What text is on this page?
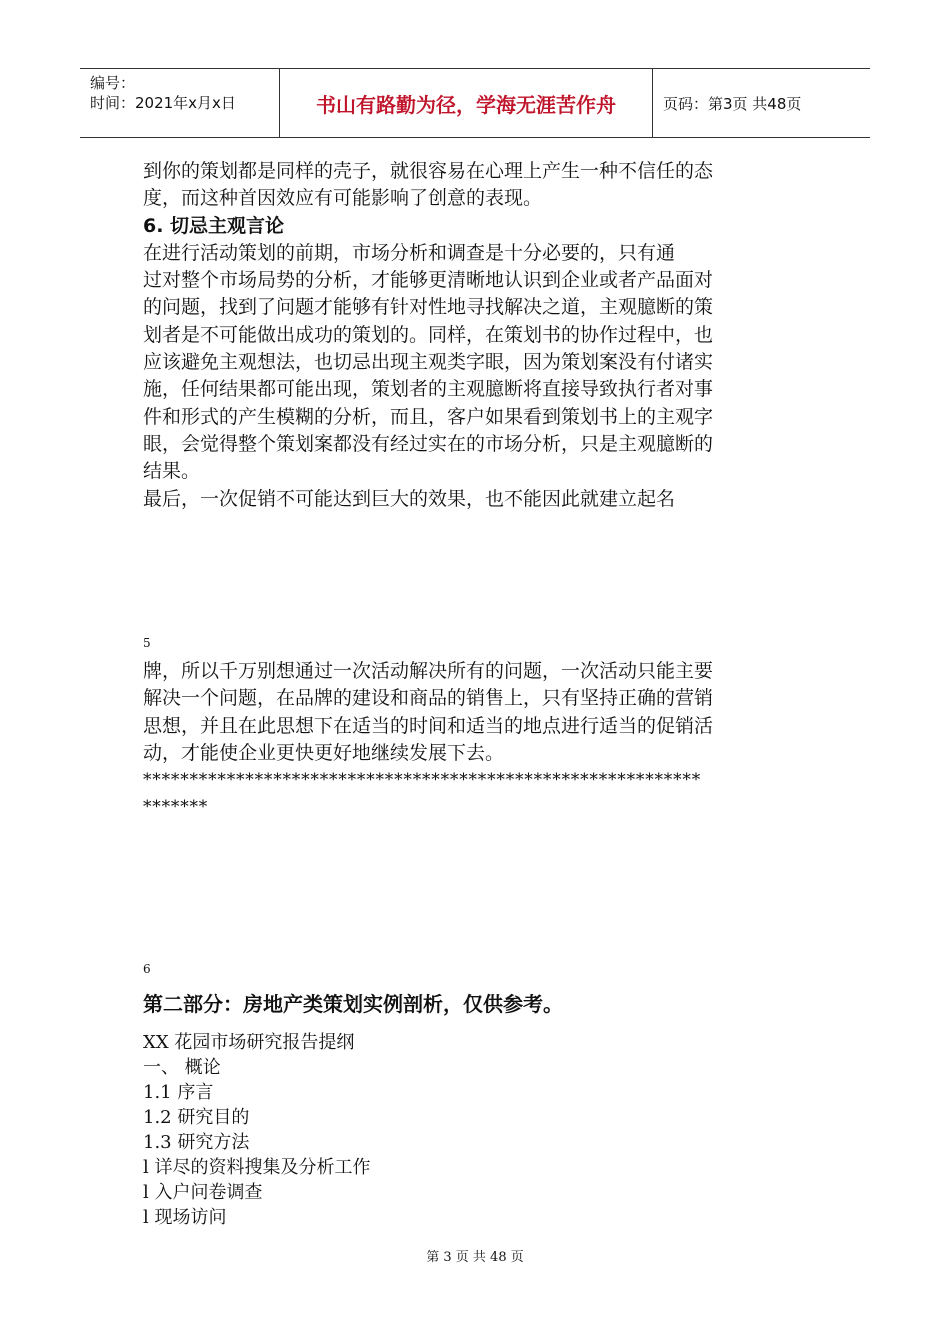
编号：
时间：2021年x月x日	书山有路勤为径，学海无涯苦作舟	页码：第3页 共48页

到你的策划都是同样的壳子，就很容易在心理上产生一种不信任的态

度，而这种首因效应有可能影响了创意的表现。

6. 切忌主观言论

在进行活动策划的前期，市场分析和调查是十分必要的，只有通

过对整个市场局势的分析，才能够更清晰地认识到企业或者产品面对

的问题，找到了问题才能够有针对性地寻找解决之道，主观臆断的策

划者是不可能做出成功的策划的。同样，在策划书的协作过程中，也

应该避免主观想法，也切忌出现主观类字眼，因为策划案没有付诸实

施，任何结果都可能出现，策划者的主观臆断将直接导致执行者对事

件和形式的产生模糊的分析，而且，客户如果看到策划书上的主观字

眼，会觉得整个策划案都没有经过实在的市场分析，只是主观臆断的

结果。

最后，一次促销不可能达到巨大的效果，也不能因此就建立起名

5

牌，所以千万别想通过一次活动解决所有的问题，一次活动只能主要

解决一个问题，在品牌的建设和商品的销售上，只有坚持正确的营销

思想，并且在此思想下在适当的时间和适当的地点进行适当的促销活

动，才能使企业更快更好地继续发展下去。

************************************************************

*******

6
第二部分：房地产类策划实例剖析，仅供参考。
XX 花园市场研究报告提纲
一、 概论
1.1 序言
1.2 研究目的
1.3 研究方法
l 详尽的资料搜集及分析工作
l 入户问卷调查
l 现场访问
第 3 页 共 48 页
